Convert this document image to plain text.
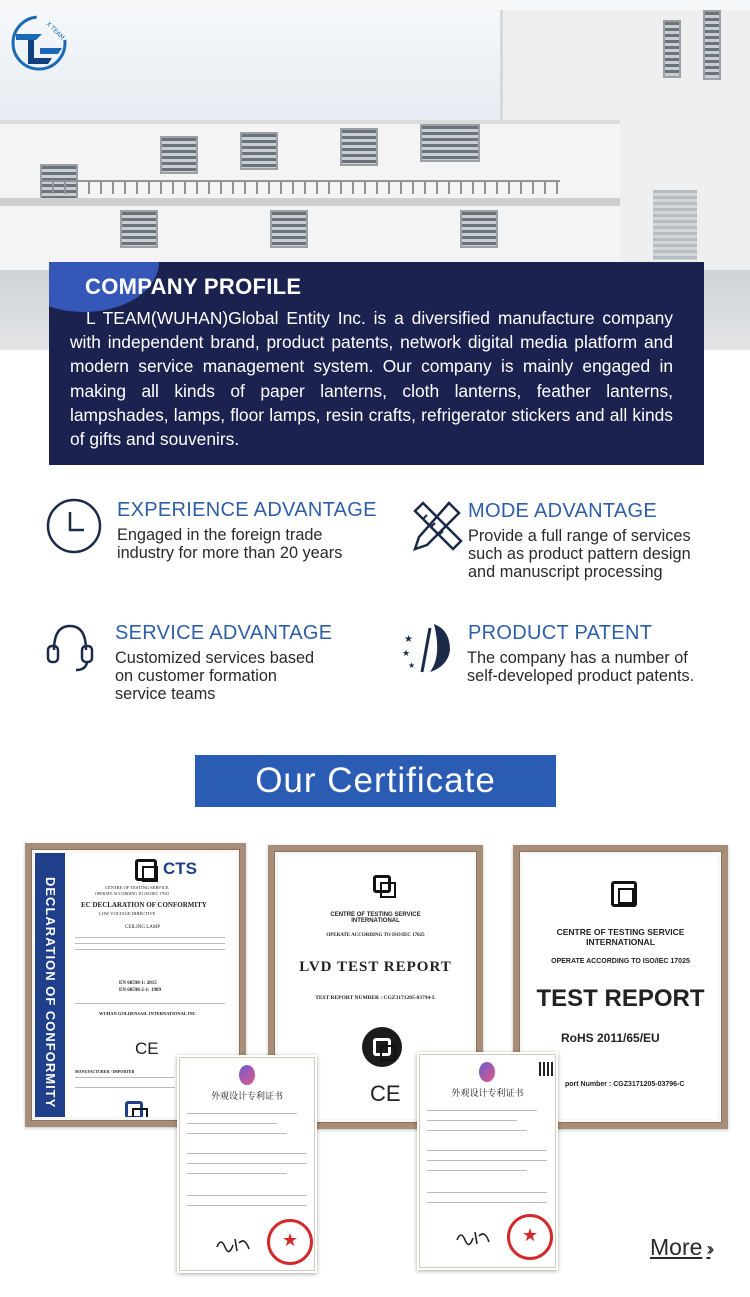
X·TEAM
COMPANY PROFILE

L TEAM(WUHAN)Global Entity Inc. is a diversified manufacture company with independent brand, product patents, network digital media platform and modern service management system. Our company is mainly engaged in making all kinds of paper lanterns, cloth lanterns, feather lanterns, lampshades, lamps, floor lamps, resin crafts, refrigerator stickers and all kinds of gifts and souvenirs.

EXPERIENCE ADVANTAGE
Engaged in the foreign trade
industry for more than 20 years
MODE ADVANTAGE
Provide a full range of services
such as product pattern design
and manuscript processing
SERVICE ADVANTAGE
Customized services based
on customer formation
service teams
★
★
★
PRODUCT PATENT
The company has a number of
self-developed product patents.
Our Certificate
DECLARATION OF CONFORMITY
CTS
CENTRE OF TESTING SERVICE
OPERATE ACCORDING TO ISO/IEC 17025
EC DECLARATION OF CONFORMITY
LOW VOLTAGE DIRECTIVE
CEILING LAMP
EN 60598-1: 2015
EN 60598-2-1: 1989
WUHAN GOLDENSAIL INTERNATIONAL INC
CE
MANUFACTURER / IMPORTER
CENTRE OF TESTING SERVICE INTERNATIONAL
OPERATE ACCORDING TO ISO/IEC 17025
LVD TEST REPORT
TEST REPORT NUMBER : CGZ3171205-03794-L
CE
CENTRE OF TESTING SERVICE INTERNATIONAL
OPERATE ACCORDING TO ISO/IEC 17025
TEST REPORT
RoHS 2011/65/EU
port Number : CGZ3171205-03796-C
外观设计专利证书
★	外观设计专利证书
★
More ››
